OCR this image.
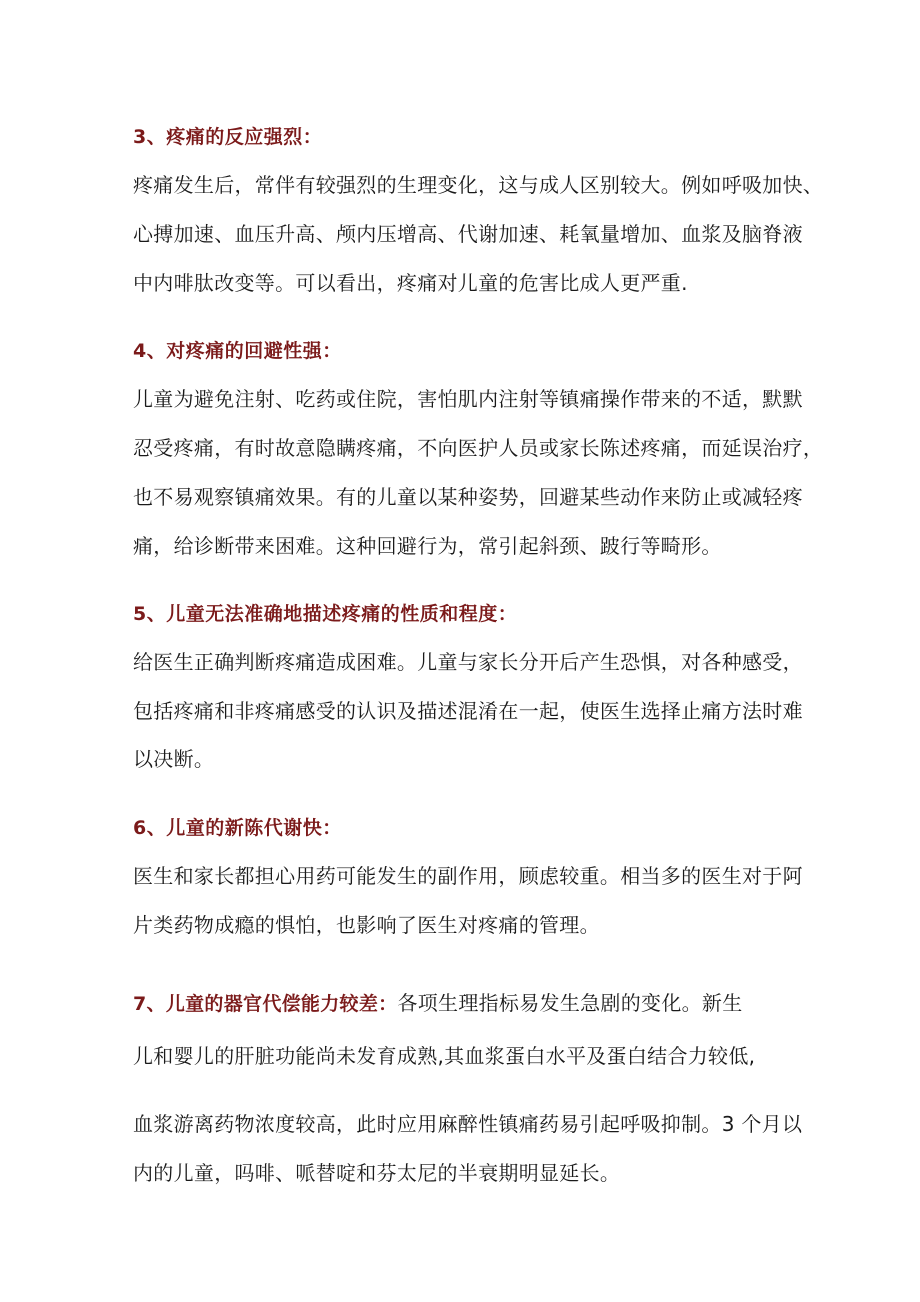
3、疼痛的反应强烈：
疼痛发生后，常伴有较强烈的生理变化，这与成人区别较大。例如呼吸加快、
心搏加速、血压升高、颅内压增高、代谢加速、耗氧量增加、血浆及脑脊液
中内啡肽改变等。可以看出，疼痛对儿童的危害比成人更严重.
4、对疼痛的回避性强：
儿童为避免注射、吃药或住院，害怕肌内注射等镇痛操作带来的不适，默默
忍受疼痛，有时故意隐瞒疼痛，不向医护人员或家长陈述疼痛，而延误治疗，
也不易观察镇痛效果。有的儿童以某种姿势，回避某些动作来防止或减轻疼
痛，给诊断带来困难。这种回避行为，常引起斜颈、跛行等畸形。
5、儿童无法准确地描述疼痛的性质和程度：
给医生正确判断疼痛造成困难。儿童与家长分开后产生恐惧，对各种感受，
包括疼痛和非疼痛感受的认识及描述混淆在一起，使医生选择止痛方法时难
以决断。
6、儿童的新陈代谢快：
医生和家长都担心用药可能发生的副作用，顾虑较重。相当多的医生对于阿
片类药物成瘾的惧怕，也影响了医生对疼痛的管理。
7、儿童的器官代偿能力较差：各项生理指标易发生急剧的变化。新生
儿和婴儿的肝脏功能尚未发育成熟,其血浆蛋白水平及蛋白结合力较低,
血浆游离药物浓度较高，此时应用麻醉性镇痛药易引起呼吸抑制。3 个月以
内的儿童，吗啡、哌替啶和芬太尼的半衰期明显延长。
